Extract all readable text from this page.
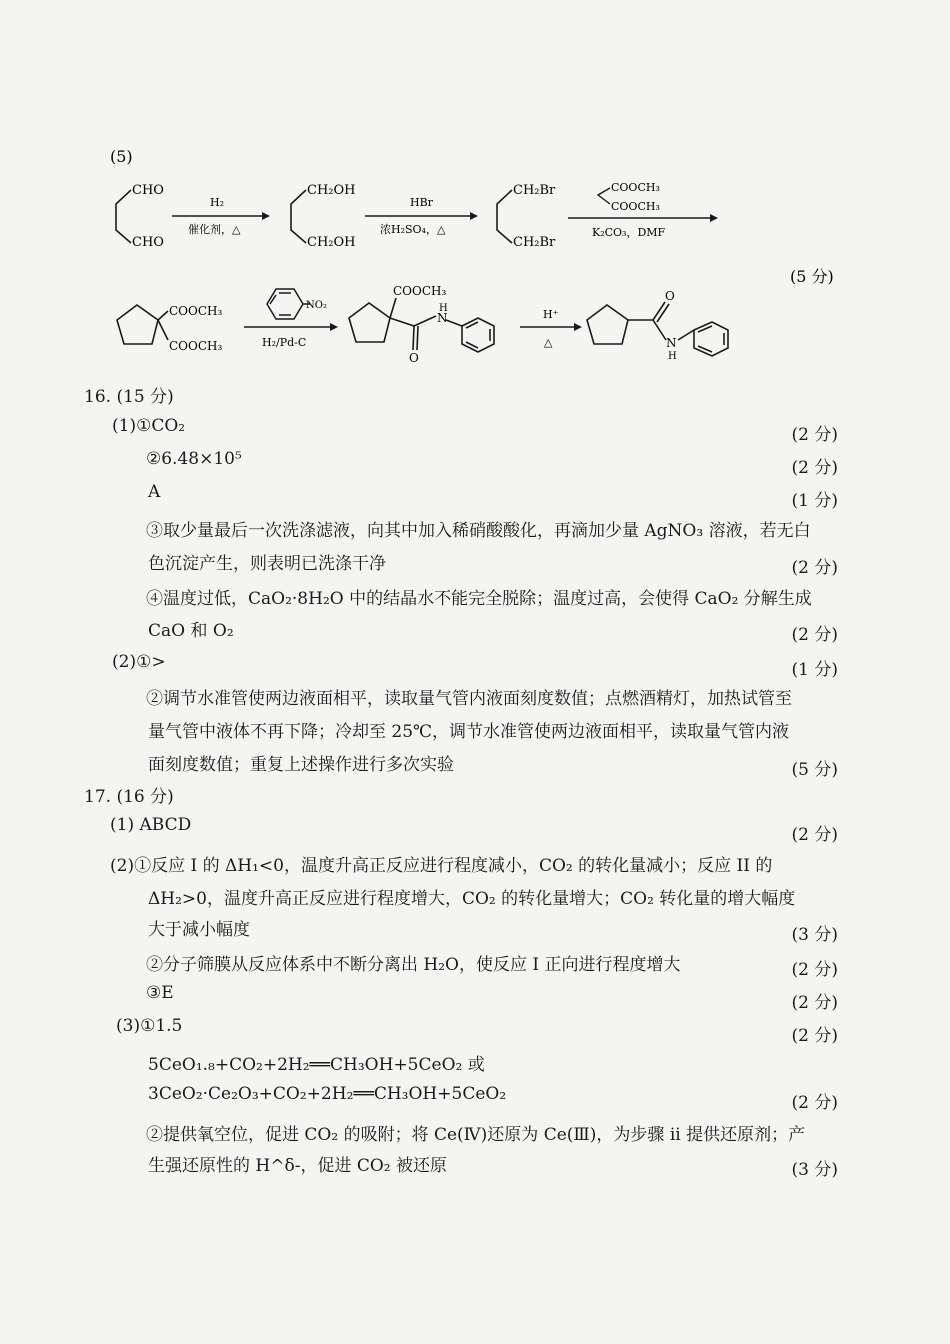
(5)
CHO
CHO
H₂
催化剂，△
CH₂OH
CH₂OH
HBr
浓H₂SO₄，△
CH₂Br
CH₂Br
COOCH₃
COOCH₃
K₂CO₃，DMF
(5 分)
COOCH₃
COOCH₃
NO₂
H₂/Pd-C
COOCH₃
O
N
H	H⁺
△
O
N
H
16. (15 分)
(1)①CO₂	(2 分)
②6.48×10⁵	(2 分)
A	(1 分)
③取少量最后一次洗涤滤液，向其中加入稀硝酸酸化，再滴加少量 AgNO₃ 溶液，若无白
色沉淀产生，则表明已洗涤干净	(2 分)
④温度过低，CaO₂·8H₂O 中的结晶水不能完全脱除；温度过高，会使得 CaO₂ 分解生成
CaO 和 O₂	(2 分)
(2)①>	(1 分)
②调节水准管使两边液面相平，读取量气管内液面刻度数值；点燃酒精灯，加热试管至
量气管中液体不再下降；冷却至 25℃，调节水准管使两边液面相平，读取量气管内液
面刻度数值；重复上述操作进行多次实验	(5 分)
17. (16 分)
(1) ABCD	(2 分)
(2)①反应 I 的 ΔH₁<0，温度升高正反应进行程度减小，CO₂ 的转化量减小；反应 II 的
ΔH₂>0，温度升高正反应进行程度增大，CO₂ 的转化量增大；CO₂ 转化量的增大幅度
大于减小幅度	(3 分)
②分子筛膜从反应体系中不断分离出 H₂O，使反应 I 正向进行程度增大	(2 分)
③E	(2 分)
(3)①1.5	(2 分)
5CeO₁.₈+CO₂+2H₂══CH₃OH+5CeO₂ 或
3CeO₂·Ce₂O₃+CO₂+2H₂══CH₃OH+5CeO₂	(2 分)
②提供氧空位，促进 CO₂ 的吸附；将 Ce(Ⅳ)还原为 Ce(Ⅲ)，为步骤 ii 提供还原剂；产
生强还原性的 H^δ-，促进 CO₂ 被还原	(3 分)
